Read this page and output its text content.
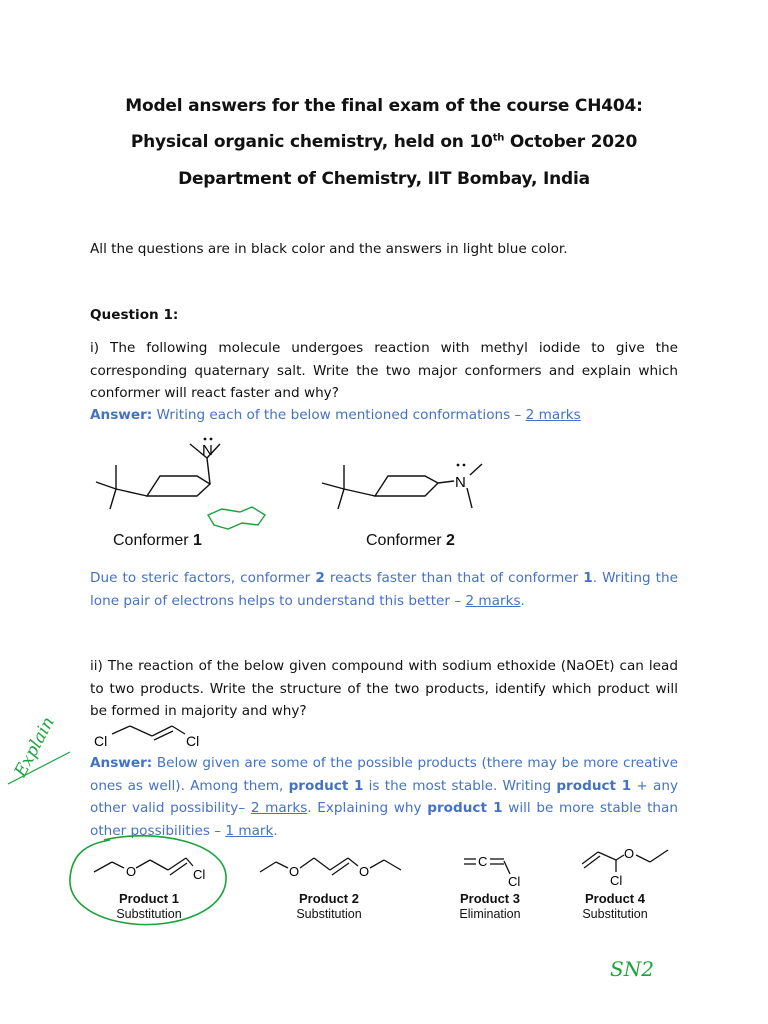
Model answers for the final exam of the course CH404:
Physical organic chemistry, held on 10th October 2020
Department of Chemistry, IIT Bombay, India
All the questions are in black color and the answers in light blue color.
Question 1:
i) The following molecule undergoes reaction with methyl iodide to give the corresponding quaternary salt. Write the two major conformers and explain which conformer will react faster and why?
Answer: Writing each of the below mentioned conformations – 2 marks
N
N
Conformer 1	Conformer 2
Due to steric factors, conformer 2 reacts faster than that of conformer 1. Writing the lone pair of electrons helps to understand this better – 2 marks.
ii) The reaction of the below given compound with sodium ethoxide (NaOEt) can lead to two products. Write the structure of the two products, identify which product will be formed in majority and why?
Cl	Cl
Explain Answer: Below given are some of the possible products (there may be more creative ones as well). Among them, product 1 is the most stable. Writing product 1 + any other valid possibility– 2 marks. Explaining why product 1 will be more stable than other possibilities – 1 mark.
O	Cl
Product 1
Substitution
O	O
Product 2
Substitution
C
Cl
Product 3
Elimination
O
Cl
Product 4
Substitution
SN2
